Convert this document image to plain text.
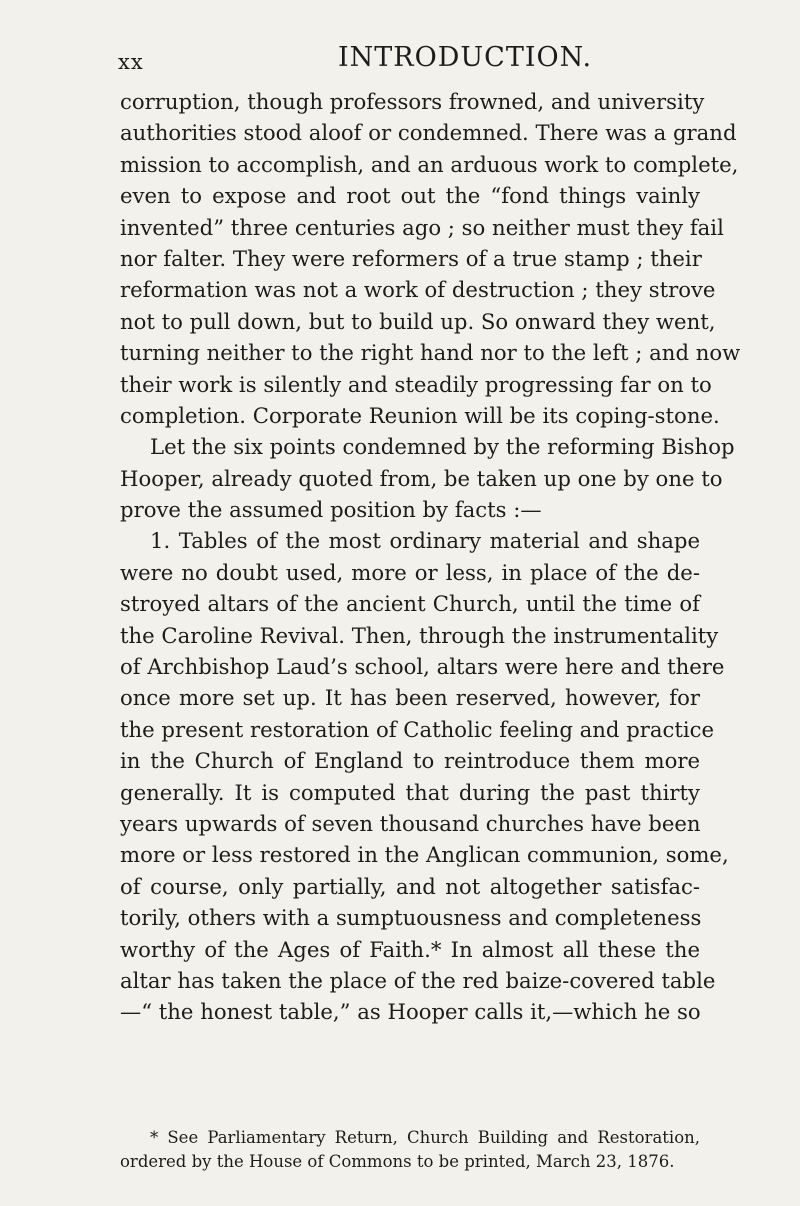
xx	INTRODUCTION.
corruption, though professors frowned, and university
authorities stood aloof or condemned. There was a grand
mission to accomplish, and an arduous work to complete,
even to expose and root out the “fond things vainly
invented” three centuries ago ; so neither must they fail
nor falter. They were reformers of a true stamp ; their
reformation was not a work of destruction ; they strove
not to pull down, but to build up. So onward they went,
turning neither to the right hand nor to the left ; and now
their work is silently and steadily progressing far on to
completion. Corporate Reunion will be its coping-stone.
Let the six points condemned by the reforming Bishop
Hooper, already quoted from, be taken up one by one to
prove the assumed position by facts :—
1. Tables of the most ordinary material and shape
were no doubt used, more or less, in place of the de-
stroyed altars of the ancient Church, until the time of
the Caroline Revival. Then, through the instrumentality
of Archbishop Laud’s school, altars were here and there
once more set up. It has been reserved, however, for
the present restoration of Catholic feeling and practice
in the Church of England to reintroduce them more
generally. It is computed that during the past thirty
years upwards of seven thousand churches have been
more or less restored in the Anglican communion, some,
of course, only partially, and not altogether satisfac-
torily, others with a sumptuousness and completeness
worthy of the Ages of Faith.* In almost all these the
altar has taken the place of the red baize-covered table
—“ the honest table,” as Hooper calls it,—which he so
* See Parliamentary Return, Church Building and Restoration,
ordered by the House of Commons to be printed, March 23, 1876.
